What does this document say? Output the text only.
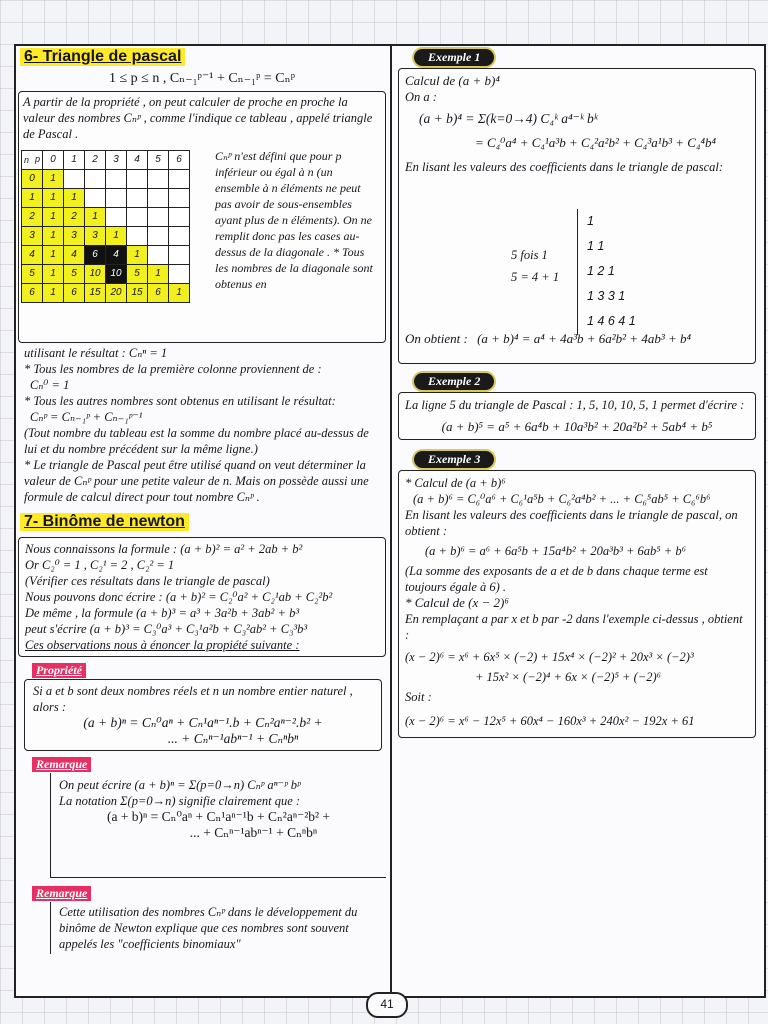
6- Triangle de pascal
1 ≤ p ≤ n , Cₙ₋₁ᵖ⁻¹ + Cₙ₋₁ᵖ = Cₙᵖ

A partir de la propriété , on peut calculer de proche en proche la valeur des nombres Cₙᵖ , comme l'indique ce tableau , appelé triangle de Pascal .

n p	0	1	2	3	4	5	6
0	1						
1	1	1					
2	1	2	1				
3	1	3	3	1			
4	1	4	6	4	1		
5	1	5	10	10	5	1	
6	1	6	15	20	15	6	1

Cₙᵖ n'est défini que pour p inférieur ou égal à n (un ensemble à n éléments ne peut pas avoir de sous-ensembles ayant plus de n éléments). On ne remplit donc pas les cases au-dessus de la diagonale . * Tous les nombres de la diagonale sont obtenus en

utilisant le résultat : Cₙⁿ = 1

* Tous les nombres de la première colonne proviennent de :

Cₙ⁰ = 1

* Tous les autres nombres sont obtenus en utilisant le résultat:

Cₙᵖ = Cₙ₋₁ᵖ + Cₙ₋₁ᵖ⁻¹

(Tout nombre du tableau est la somme du nombre placé au-dessus de lui et du nombre précédent sur la même ligne.)

* Le triangle de Pascal peut être utilisé quand on veut déterminer la valeur de Cₙᵖ pour une petite valeur de n. Mais on possède aussi une formule de calcul direct pour tout nombre Cₙᵖ .

7- Binôme de newton

Nous connaissons la formule : (a + b)² = a² + 2ab + b²

Or C₂⁰ = 1 , C₂¹ = 2 , C₂² = 1

(Vérifier ces résultats dans le triangle de pascal)

Nous pouvons donc écrire : (a + b)² = C₂⁰a² + C₂¹ab + C₂²b²

De même , la formule (a + b)³ = a³ + 3a²b + 3ab² + b³

peut s'écrire (a + b)³ = C₃⁰a³ + C₃¹a²b + C₃²ab² + C₃³b³

Ces observations nous à énoncer la propiété suivante :

Propriété

Si a et b sont deux nombres réels et n un nombre entier naturel , alors :

(a + b)ⁿ = Cₙ⁰aⁿ + Cₙ¹aⁿ⁻¹.b + Cₙ²aⁿ⁻².b² +
... + Cₙⁿ⁻¹abⁿ⁻¹ + Cₙⁿbⁿ
Remarque

On peut écrire (a + b)ⁿ = Σ(p=0→n) Cₙᵖ aⁿ⁻ᵖ bᵖ

La notation Σ(p=0→n) signifie clairement que :

(a + b)ⁿ = Cₙ⁰aⁿ + Cₙ¹aⁿ⁻¹b + Cₙ²aⁿ⁻²b² +
... + Cₙⁿ⁻¹abⁿ⁻¹ + Cₙⁿbⁿ
Remarque

Cette utilisation des nombres Cₙᵖ dans le développement du binôme de Newton explique que ces nombres sont souvent appelés les "coefficients binomiaux"

Exemple 1

Calcul de (a + b)⁴

On a :

(a + b)⁴ = Σ(k=0→4) C₄ᵏ a⁴⁻ᵏ bᵏ
= C₄⁰a⁴ + C₄¹a³b + C₄²a²b² + C₄³a¹b³ + C₄⁴b⁴

En lisant les valeurs des coefficients dans le triangle de pascal:

5 fois 1
5 = 4 + 1
1
1 1
1 2 1
1 3 3 1
1 4 6 4 1
On obtient : (a + b)⁴ = a⁴ + 4a³b + 6a²b² + 4ab³ + b⁴
Exemple 2

La ligne 5 du triangle de Pascal : 1, 5, 10, 10, 5, 1 permet d'écrire :

(a + b)⁵ = a⁵ + 6a⁴b + 10a³b² + 20a²b² + 5ab⁴ + b⁵
Exemple 3

* Calcul de (a + b)⁶

(a + b)⁶ = C₆⁰a⁶ + C₆¹a⁵b + C₆²a⁴b² + ... + C₆⁵ab⁵ + C₆⁶b⁶

En lisant les valeurs des coefficients dans le triangle de pascal, on obtient :

(a + b)⁶ = a⁶ + 6a⁵b + 15a⁴b² + 20a³b³ + 6ab⁵ + b⁶

(La somme des exposants de a et de b dans chaque terme est toujours égale à 6) .

* Calcul de (x − 2)⁶

En remplaçant a par x et b par -2 dans l'exemple ci-dessus , obtient :

(x − 2)⁶ = x⁶ + 6x⁵ × (−2) + 15x⁴ × (−2)² + 20x³ × (−2)³
+ 15x² × (−2)⁴ + 6x × (−2)⁵ + (−2)⁶

Soit :

(x − 2)⁶ = x⁶ − 12x⁵ + 60x⁴ − 160x³ + 240x² − 192x + 61
41
